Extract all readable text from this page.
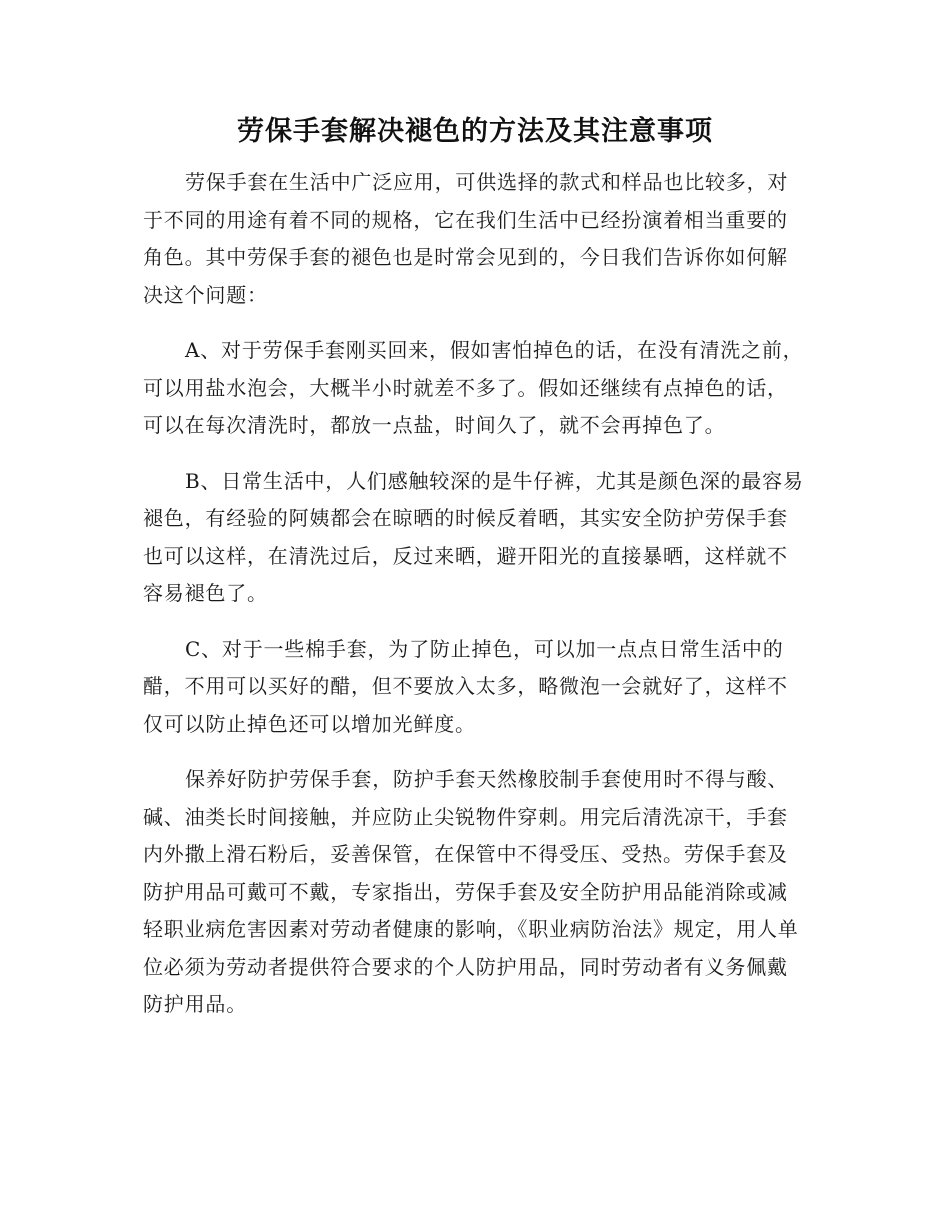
劳保手套解决褪色的方法及其注意事项

劳保手套在生活中广泛应用，可供选择的款式和样品也比较多，对于不同的用途有着不同的规格，它在我们生活中已经扮演着相当重要的角色。其中劳保手套的褪色也是时常会见到的，今日我们告诉你如何解决这个问题：

A、对于劳保手套刚买回来，假如害怕掉色的话，在没有清洗之前，可以用盐水泡会，大概半小时就差不多了。假如还继续有点掉色的话， 可以在每次清洗时，都放一点盐，时间久了，就不会再掉色了。

B、日常生活中，人们感触较深的是牛仔裤，尤其是颜色深的最容易褪色，有经验的阿姨都会在晾晒的时候反着晒，其实安全防护劳保手套也可以这样，在清洗过后，反过来晒，避开阳光的直接暴晒，这样就不容易褪色了。

C、对于一些棉手套，为了防止掉色，可以加一点点日常生活中的醋，不用可以买好的醋，但不要放入太多，略微泡一会就好了，这样不仅可以防止掉色还可以增加光鲜度。

保养好防护劳保手套，防护手套天然橡胶制手套使用时不得与酸、碱、油类长时间接触，并应防止尖锐物件穿刺。用完后清洗凉干，手套内外撒上滑石粉后，妥善保管，在保管中不得受压、受热。劳保手套及防护用品可戴可不戴，专家指出，劳保手套及安全防护用品能消除或减轻职业病危害因素对劳动者健康的影响，《职业病防治法》规定，用人单位必须为劳动者提供符合要求的个人防护用品，同时劳动者有义务佩戴防护用品。
